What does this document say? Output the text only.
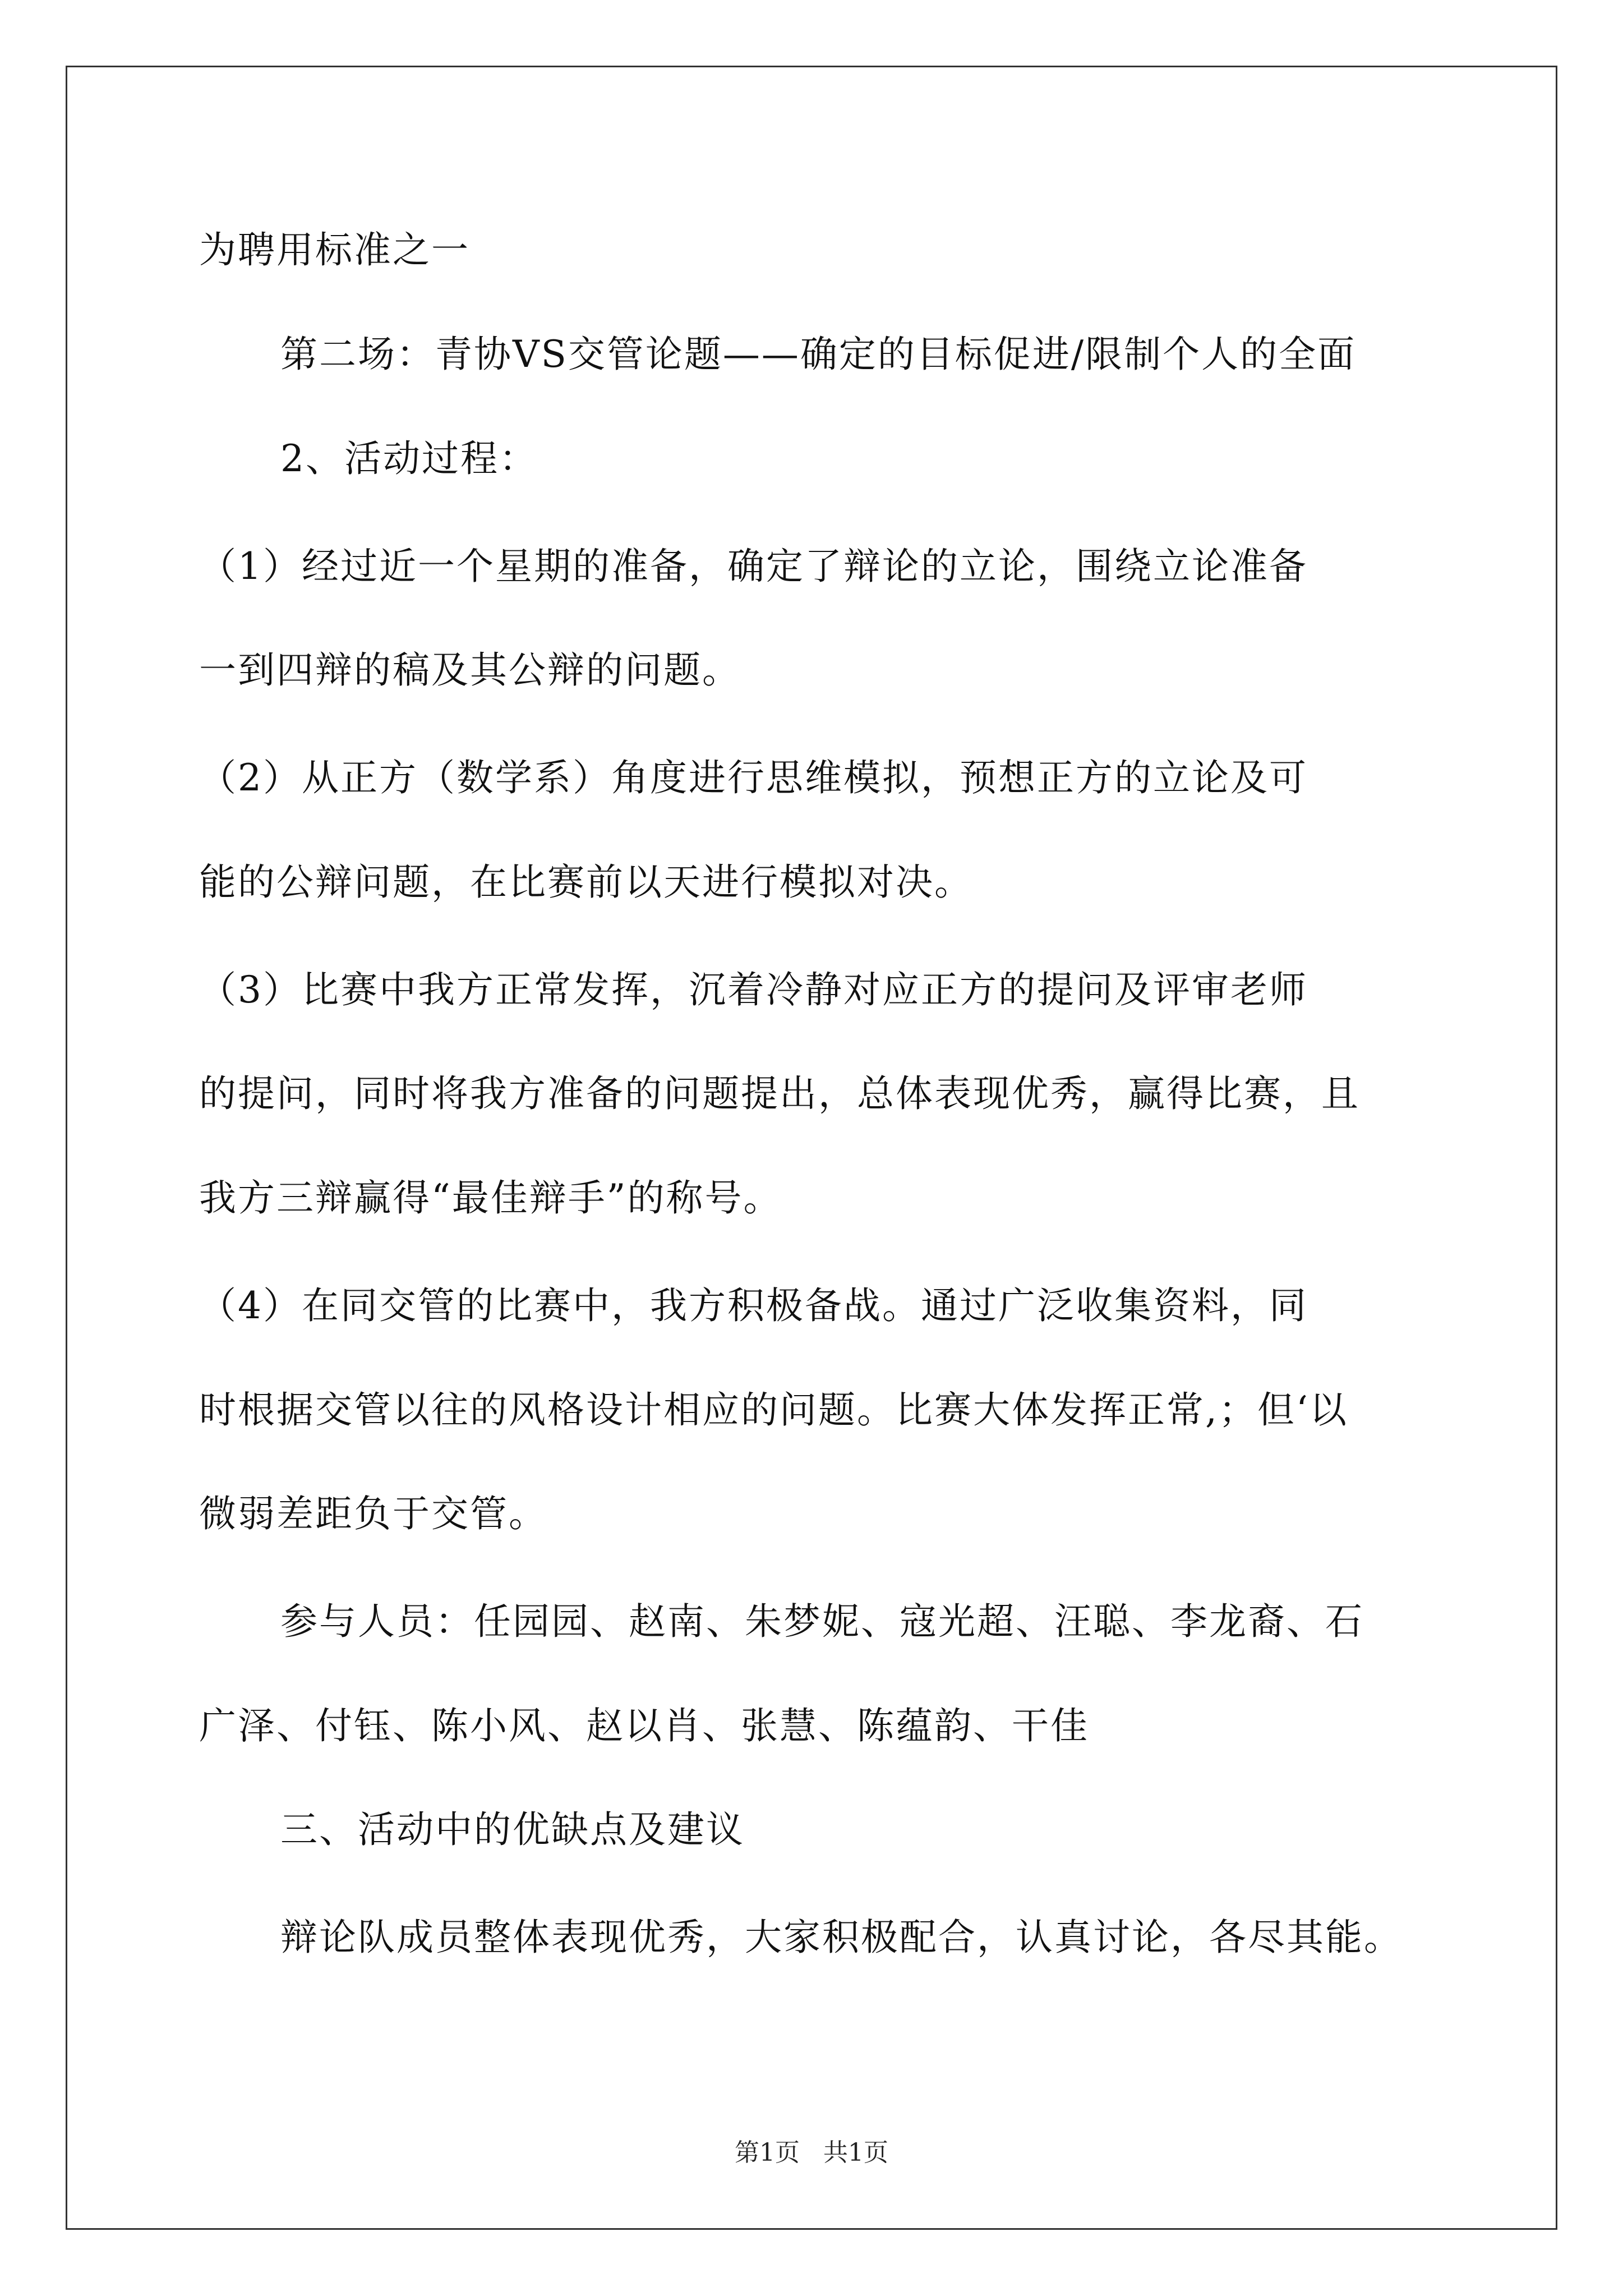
为聘用标准之一
第二场：青协VS交管论题——确定的目标促进/限制个人的全面
2、活动过程：
（1）经过近一个星期的准备，确定了辩论的立论，围绕立论准备
一到四辩的稿及其公辩的问题。
（2）从正方（数学系）角度进行思维模拟，预想正方的立论及可
能的公辩问题，在比赛前以天进行模拟对决。
（3）比赛中我方正常发挥，沉着冷静对应正方的提问及评审老师
的提问，同时将我方准备的问题提出，总体表现优秀，赢得比赛，且
我方三辩赢得“最佳辩手”的称号。
（4）在同交管的比赛中，我方积极备战。通过广泛收集资料，同
时根据交管以往的风格设计相应的问题。比赛大体发挥正常,；但‘以
微弱差距负于交管。
参与人员：任园园、赵南、朱梦妮、寇光超、汪聪、李龙裔、石
广泽、付钰、陈小风、赵以肖、张慧、陈蕴韵、干佳
三、活动中的优缺点及建议
辩论队成员整体表现优秀，大家积极配合，认真讨论，各尽其能。
第1页   共1页
